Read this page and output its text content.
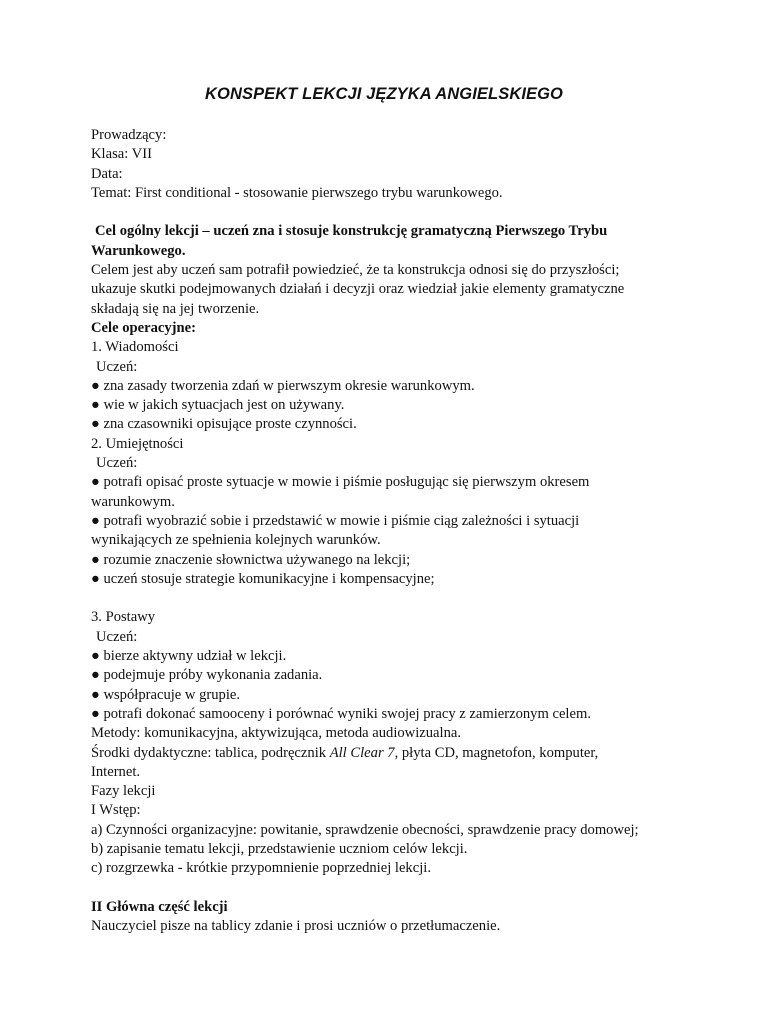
KONSPEKT LEKCJI JĘZYKA ANGIELSKIEGO
Prowadzący:
Klasa: VII
Data:
Temat: First conditional - stosowanie pierwszego trybu warunkowego.
Cel ogólny lekcji – uczeń zna i stosuje konstrukcję gramatyczną Pierwszego Trybu
Warunkowego.
Celem jest aby uczeń sam potrafił powiedzieć, że ta konstrukcja odnosi się do przyszłości;
ukazuje skutki podejmowanych działań i decyzji oraz wiedział jakie elementy gramatyczne
składają się na jej tworzenie.
Cele operacyjne:
1. Wiadomości
Uczeń:
● zna zasady tworzenia zdań w pierwszym okresie warunkowym.
● wie w jakich sytuacjach jest on używany.
● zna czasowniki opisujące proste czynności.
2. Umiejętności
Uczeń:
● potrafi opisać proste sytuacje w mowie i piśmie posługując się pierwszym okresem
warunkowym.
● potrafi wyobrazić sobie i przedstawić w mowie i piśmie ciąg zależności i sytuacji
wynikających ze spełnienia kolejnych warunków.
● rozumie znaczenie słownictwa używanego na lekcji;
● uczeń stosuje strategie komunikacyjne i kompensacyjne;
3. Postawy
Uczeń:
● bierze aktywny udział w lekcji.
● podejmuje próby wykonania zadania.
● współpracuje w grupie.
● potrafi dokonać samooceny i porównać wyniki swojej pracy z zamierzonym celem.
Metody: komunikacyjna, aktywizująca, metoda audiowizualna.
Środki dydaktyczne: tablica, podręcznik All Clear 7, płyta CD, magnetofon, komputer,
Internet.
Fazy lekcji
I Wstęp:
a) Czynności organizacyjne: powitanie, sprawdzenie obecności, sprawdzenie pracy domowej;
b) zapisanie tematu lekcji, przedstawienie uczniom celów lekcji.
c) rozgrzewka - krótkie przypomnienie poprzedniej lekcji.
II Główna część lekcji
Nauczyciel pisze na tablicy zdanie i prosi uczniów o przetłumaczenie.
